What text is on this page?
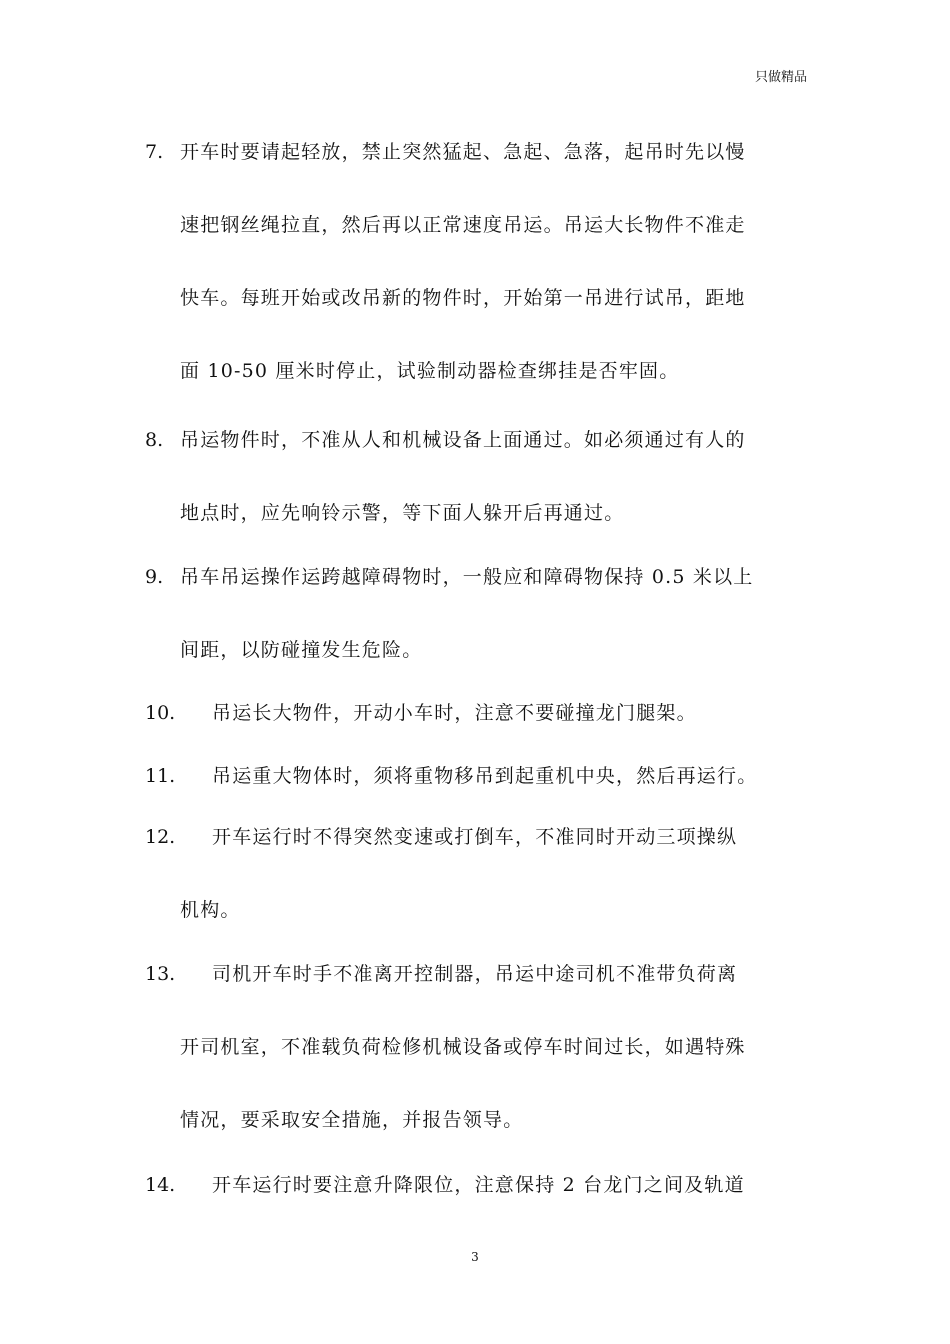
只做精品
7. 开车时要请起轻放，禁止突然猛起、急起、急落，起吊时先以慢
速把钢丝绳拉直，然后再以正常速度吊运。吊运大长物件不准走
快车。每班开始或改吊新的物件时，开始第一吊进行试吊，距地
面 10-50 厘米时停止，试验制动器检查绑挂是否牢固。
8. 吊运物件时，不准从人和机械设备上面通过。如必须通过有人的
地点时，应先响铃示警，等下面人躲开后再通过。
9. 吊车吊运操作运跨越障碍物时，一般应和障碍物保持 0.5 米以上
间距，以防碰撞发生危险。
10. 吊运长大物件，开动小车时，注意不要碰撞龙门腿架。
11. 吊运重大物体时，须将重物移吊到起重机中央，然后再运行。
12. 开车运行时不得突然变速或打倒车，不准同时开动三项操纵
机构。
13. 司机开车时手不准离开控制器，吊运中途司机不准带负荷离
开司机室，不准载负荷检修机械设备或停车时间过长，如遇特殊
情况，要采取安全措施，并报告领导。
14. 开车运行时要注意升降限位，注意保持 2 台龙门之间及轨道
3
